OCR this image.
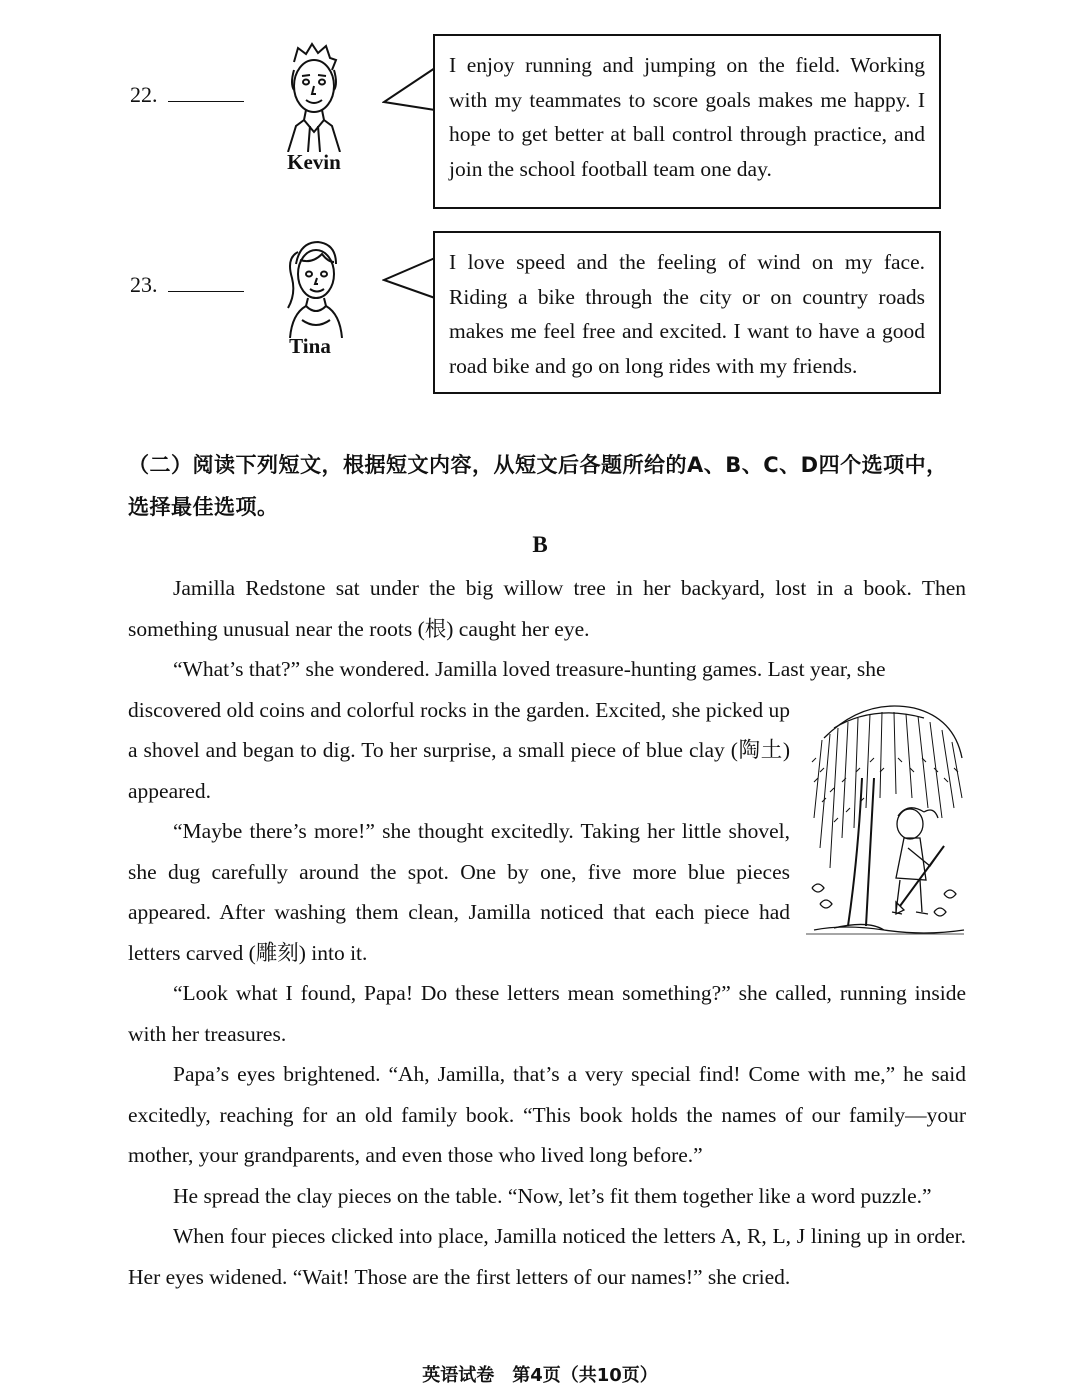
22.
Kevin

I enjoy running and jumping on the field. Working with my teammates to score goals makes me happy. I hope to get better at ball control through practice, and join the school football team one day.

23.
Tina

I love speed and the feeling of wind on my face. Riding a bike through the city or on country roads makes me feel free and excited. I want to have a good road bike and go on long rides with my friends.

（二）阅读下列短文，根据短文内容，从短文后各题所给的A、B、C、D四个选项中，选择最佳选项。
B

Jamilla Redstone sat under the big willow tree in her backyard, lost in a book. Then something unusual near the roots (根) caught her eye.

“What’s that?” she wondered. Jamilla loved treasure-hunting games. Last year, she

discovered old coins and colorful rocks in the garden. Excited, she picked up a shovel and began to dig. To her surprise, a small piece of blue clay (陶土) appeared.

“Maybe there’s more!” she thought excitedly. Taking her little shovel, she dug carefully around the spot. One by one, five more blue pieces appeared. After washing them clean, Jamilla noticed that each piece had letters carved (雕刻) into it.

“Look what I found, Papa! Do these letters mean something?” she called, running inside with her treasures.

Papa’s eyes brightened. “Ah, Jamilla, that’s a very special find! Come with me,” he said excitedly, reaching for an old family book. “This book holds the names of our family—your mother, your grandparents, and even those who lived long before.”

He spread the clay pieces on the table. “Now, let’s fit them together like a word puzzle.”

When four pieces clicked into place, Jamilla noticed the letters A, R, L, J lining up in order. Her eyes widened. “Wait! Those are the first letters of our names!” she cried.

英语试卷　第4页（共10页）
